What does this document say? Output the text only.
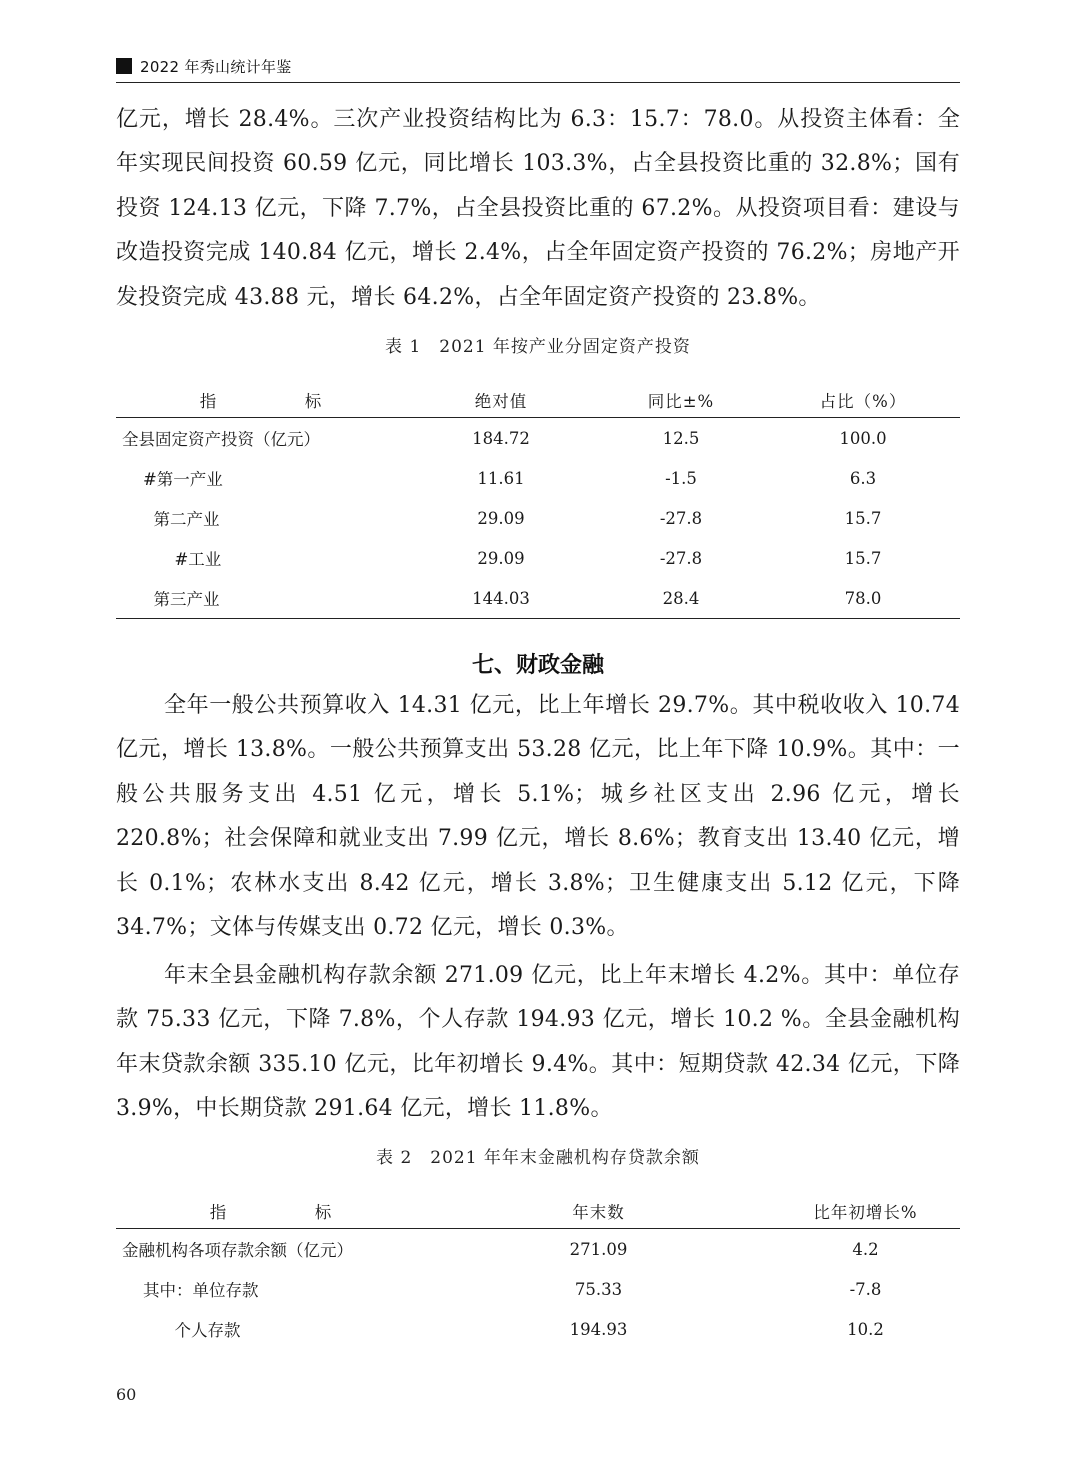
2022 年秀山统计年鉴

亿元，增长 28.4%。三次产业投资结构比为 6.3：15.7：78.0。从投资主体看：全年实现民间投资 60.59 亿元，同比增长 103.3%，占全县投资比重的 32.8%；国有投资 124.13 亿元，下降 7.7%，占全县投资比重的 67.2%。从投资项目看：建设与改造投资完成 140.84 亿元，增长 2.4%，占全年固定资产投资的 76.2%；房地产开发投资完成 43.88 元，增长 64.2%，占全年固定资产投资的 23.8%。

表 1　2021 年按产业分固定资产投资
指　　　　　标	绝对值	同比±%	占比（%）
全县固定资产投资（亿元）	184.72	12.5	100.0
#第一产业	11.61	-1.5	6.3
第二产业	29.09	-27.8	15.7
#工业	29.09	-27.8	15.7
第三产业	144.03	28.4	78.0
七、财政金融

全年一般公共预算收入 14.31 亿元，比上年增长 29.7%。其中税收收入 10.74 亿元，增长 13.8%。一般公共预算支出 53.28 亿元，比上年下降 10.9%。其中：一般公共服务支出 4.51 亿元，增长 5.1%；城乡社区支出 2.96 亿元，增长 220.8%；社会保障和就业支出 7.99 亿元，增长 8.6%；教育支出 13.40 亿元，增长 0.1%；农林水支出 8.42 亿元，增长 3.8%；卫生健康支出 5.12 亿元，下降 34.7%；文体与传媒支出 0.72 亿元，增长 0.3%。

年末全县金融机构存款余额 271.09 亿元，比上年末增长 4.2%。其中：单位存款 75.33 亿元，下降 7.8%，个人存款 194.93 亿元，增长 10.2 %。全县金融机构年末贷款余额 335.10 亿元，比年初增长 9.4%。其中：短期贷款 42.34 亿元，下降 3.9%，中长期贷款 291.64 亿元，增长 11.8%。

表 2　2021 年年末金融机构存贷款余额
指　　　　　标	年末数	比年初增长%
金融机构各项存款余额（亿元）	271.09	4.2
其中：单位存款	75.33	-7.8
个人存款	194.93	10.2
60
